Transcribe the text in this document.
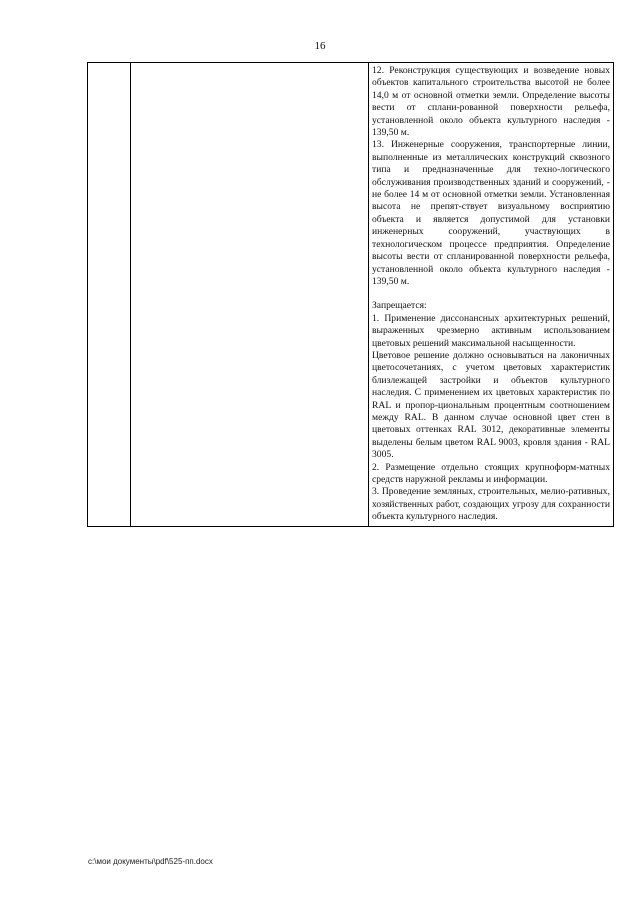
16

12. Реконструкция существующих и возведение новых объектов капитального строительства высотой не более 14,0 м от основной отметки земли. Определение высоты вести от сплани-рованной поверхности рельефа, установленной около объекта культурного наследия - 139,50 м.

13. Инженерные сооружения, транспортерные линии, выполненные из металлических конструкций сквозного типа и предназначенные для техно-логического обслуживания производственных зданий и сооружений, - не более 14 м от основной отметки земли. Установленная высота не препят-ствует визуальному восприятию объекта и является допустимой для установки инженерных сооружений, участвующих в технологическом процессе предприятия. Определение высоты вести от спланированной поверхности рельефа, установленной около объекта культурного наследия - 139,50 м.

Запрещается:

1. Применение диссонансных архитектурных решений, выраженных чрезмерно активным использованием цветовых решений максимальной насыщенности.

Цветовое решение должно основываться на лаконичных цветосочетаниях, с учетом цветовых характеристик близлежащей застройки и объектов культурного наследия. С применением их цветовых характеристик по RAL и пропор-циональным процентным соотношением между RAL. В данном случае основной цвет стен в цветовых оттенках RAL 3012, декоративные элементы выделены белым цветом RAL 9003, кровля здания - RAL 3005.

2. Размещение отдельно стоящих крупноформ-матных средств наружной рекламы и информации.

3. Проведение земляных, строительных, мелио-ративных, хозяйственных работ, создающих угрозу для сохранности объекта культурного наследия.

c:\мои документы\pdf\525-пп.docx
